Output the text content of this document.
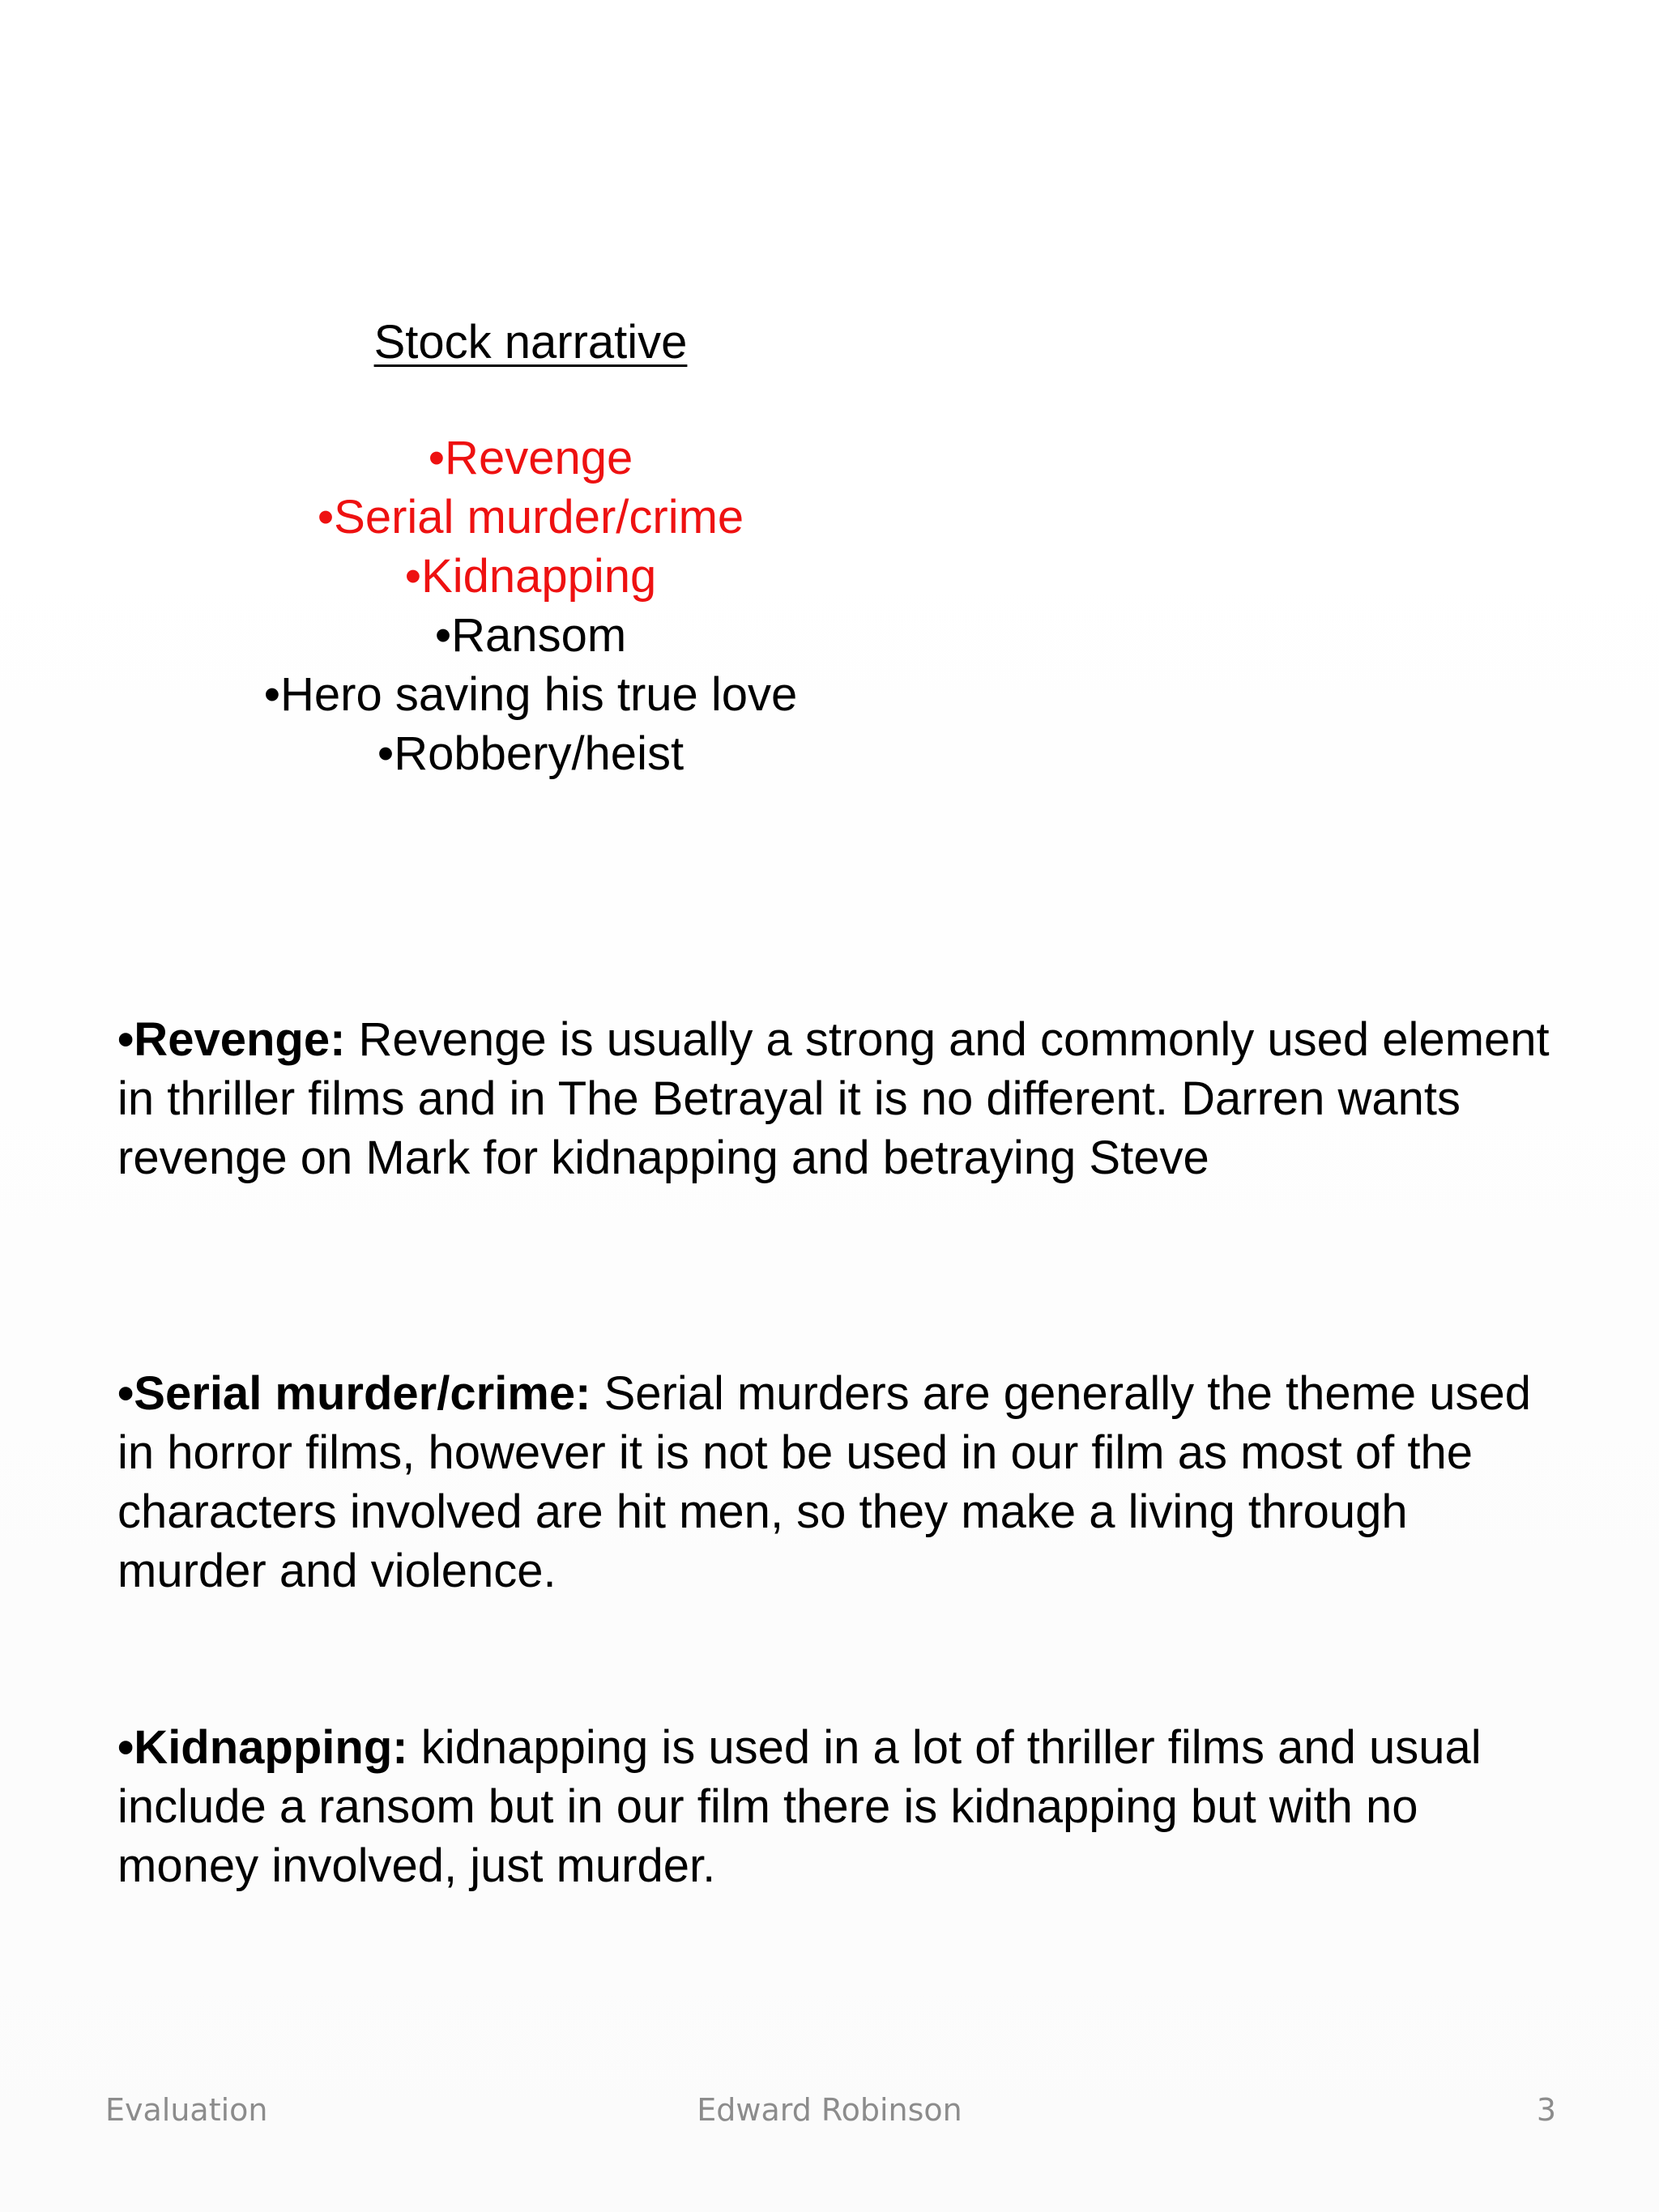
Stock narrative
•Revenge
•Serial murder/crime
•Kidnapping
•Ransom
•Hero saving his true love
•Robbery/heist

•Revenge: Revenge is usually a strong and commonly used element in thriller films and in The Betrayal it is no different. Darren wants revenge on Mark for kidnapping and betraying Steve

•Serial murder/crime: Serial murders are generally the theme used in horror films, however it is not be used in our film as most of the characters involved are hit men, so they make a living through murder and violence.

•Kidnapping: kidnapping is used in a lot of thriller films and usual include a ransom but in our film there is kidnapping but with no money involved, just murder.

Evaluation	Edward Robinson	3
